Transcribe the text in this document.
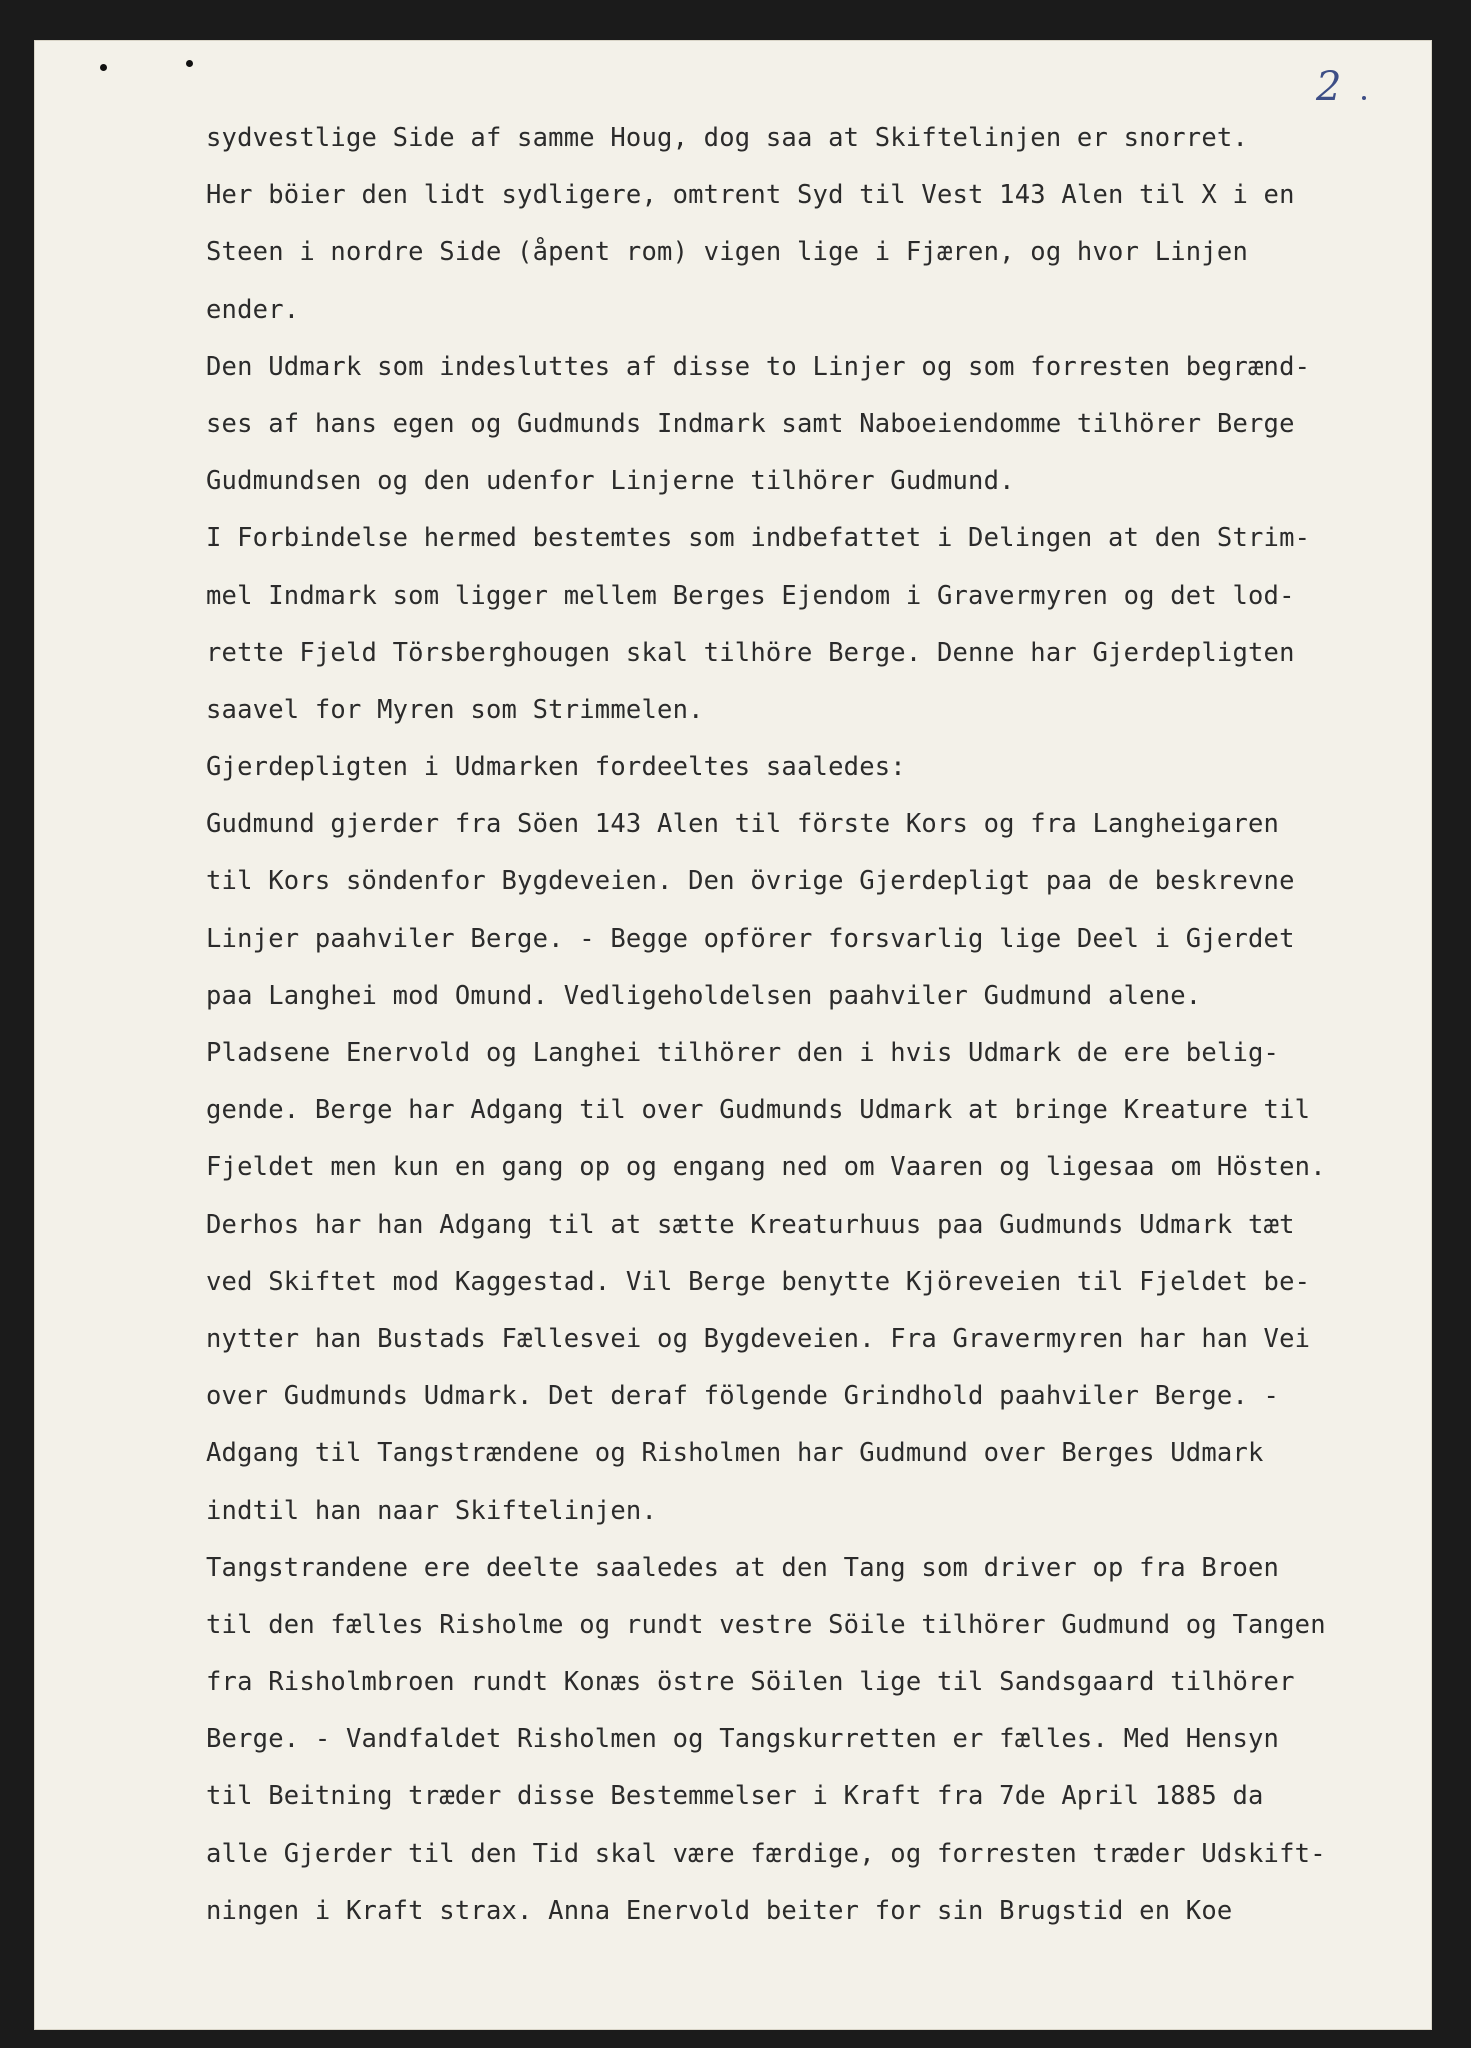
2

sydvestlige Side af samme Houg, dog saa at Skiftelinjen er snorret.
Her böier den lidt sydligere, omtrent Syd til Vest 143 Alen til X i en
Steen i nordre Side (åpent rom) vigen lige i Fjæren, og hvor Linjen
ender.
Den Udmark som indesluttes af disse to Linjer og som forresten begrænd-
ses af hans egen og Gudmunds Indmark samt Naboeiendomme tilhörer Berge
Gudmundsen og den udenfor Linjerne tilhörer Gudmund.
I Forbindelse hermed bestemtes som indbefattet i Delingen at den Strim-
mel Indmark som ligger mellem Berges Ejendom i Gravermyren og det lod-
rette Fjeld Törsberghougen skal tilhöre Berge. Denne har Gjerdepligten
saavel for Myren som Strimmelen.
Gjerdepligten i Udmarken fordeeltes saaledes:
Gudmund gjerder fra Söen 143 Alen til förste Kors og fra Langheigaren
til Kors söndenfor Bygdeveien. Den övrige Gjerdepligt paa de beskrevne
Linjer paahviler Berge. - Begge opförer forsvarlig lige Deel i Gjerdet
paa Langhei mod Omund. Vedligeholdelsen paahviler Gudmund alene.
Pladsene Enervold og Langhei tilhörer den i hvis Udmark de ere belig-
gende. Berge har Adgang til over Gudmunds Udmark at bringe Kreature til
Fjeldet men kun en gang op og engang ned om Vaaren og ligesaa om Hösten.
Derhos har han Adgang til at sætte Kreaturhuus paa Gudmunds Udmark tæt
ved Skiftet mod Kaggestad. Vil Berge benytte Kjöreveien til Fjeldet be-
nytter han Bustads Fællesvei og Bygdeveien. Fra Gravermyren har han Vei
over Gudmunds Udmark. Det deraf fölgende Grindhold paahviler Berge. -
Adgang til Tangstrændene og Risholmen har Gudmund over Berges Udmark
indtil han naar Skiftelinjen.
Tangstrandene ere deelte saaledes at den Tang som driver op fra Broen
til den fælles Risholme og rundt vestre Söile tilhörer Gudmund og Tangen
fra Risholmbroen rundt Konæs östre Söilen lige til Sandsgaard tilhörer
Berge. - Vandfaldet Risholmen og Tangskurretten er fælles. Med Hensyn
til Beitning træder disse Bestemmelser i Kraft fra 7de April 1885 da
alle Gjerder til den Tid skal være færdige, og forresten træder Udskift-
ningen i Kraft strax. Anna Enervold beiter for sin Brugstid en Koe
